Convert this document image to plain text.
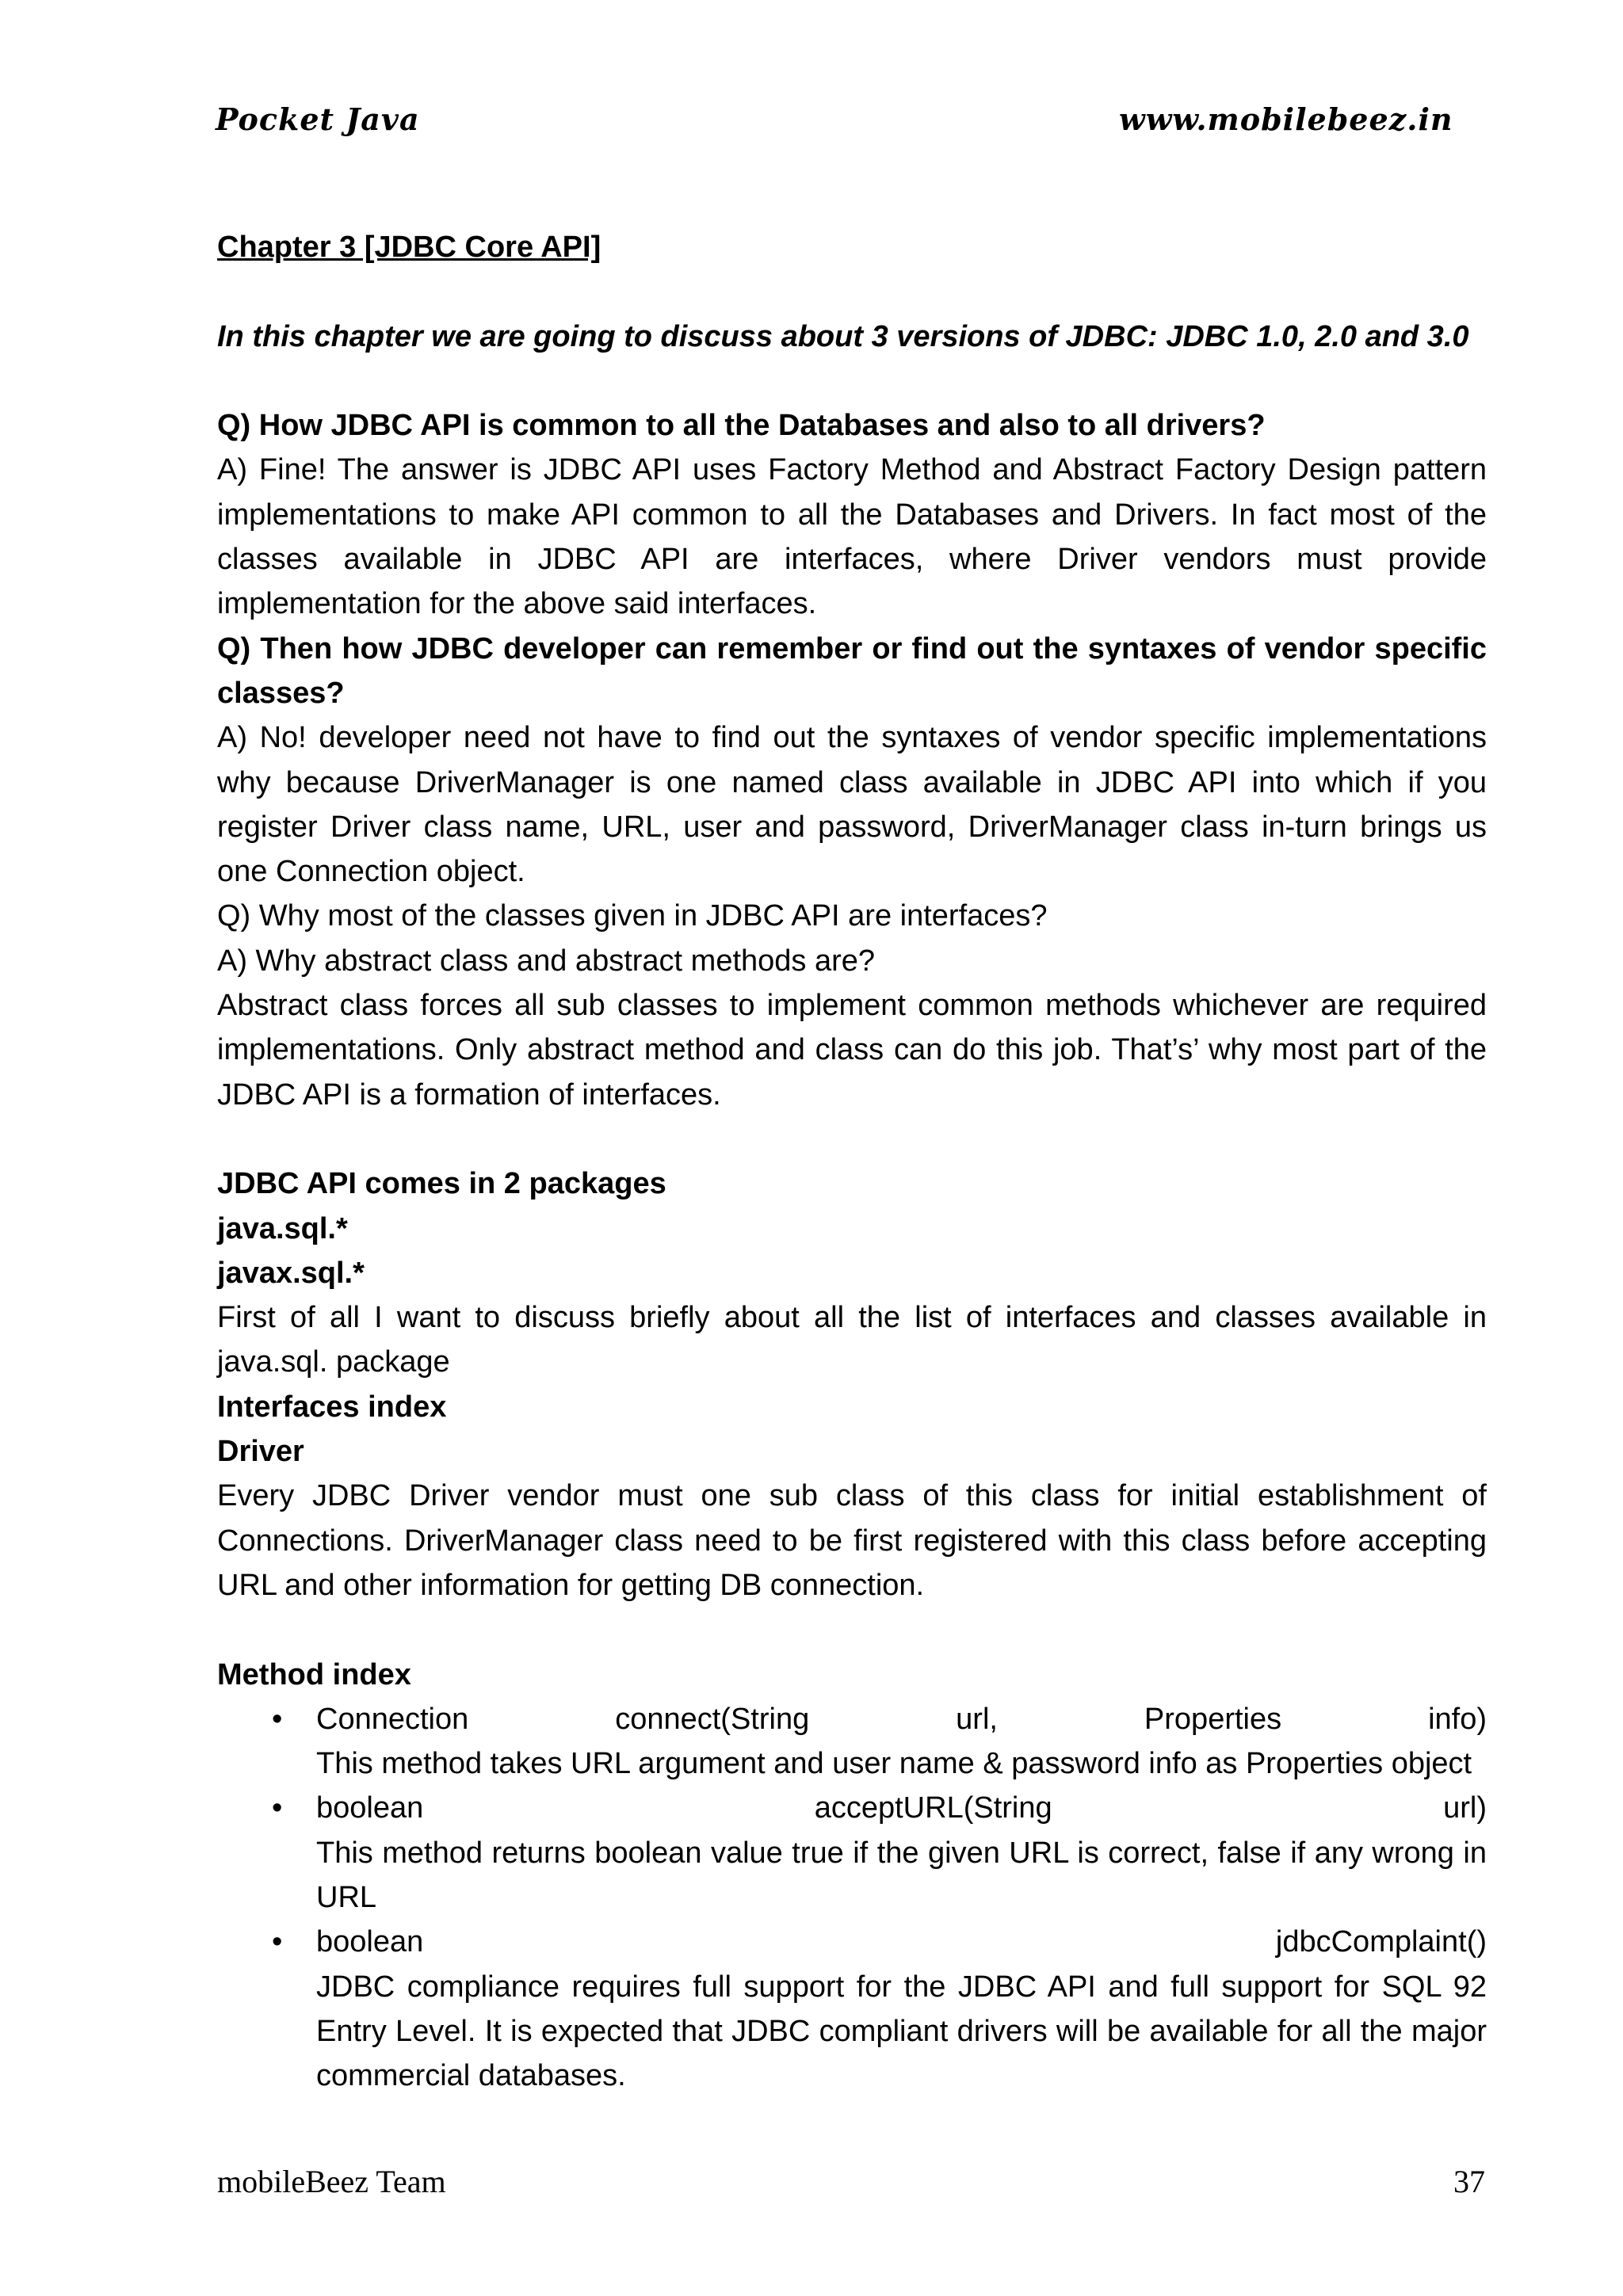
Pocket Java	www.mobilebeez.in

Chapter 3 [JDBC Core API]

In this chapter we are going to discuss about 3 versions of JDBC: JDBC 1.0, 2.0 and 3.0

Q) How JDBC API is common to all the Databases and also to all drivers?

A) Fine! The answer is JDBC API uses Factory Method and Abstract Factory Design pattern implementations to make API common to all the Databases and Drivers. In fact most of the classes available in JDBC API are interfaces, where Driver vendors must provide implementation for the above said interfaces.

Q) Then how JDBC developer can remember or find out the syntaxes of vendor specific classes?

A) No! developer need not have to find out the syntaxes of vendor specific implementations why because DriverManager is one named class available in JDBC API into which if you register Driver class name, URL, user and password, DriverManager class in-turn brings us one Connection object.

Q) Why most of the classes given in JDBC API are interfaces?

A) Why abstract class and abstract methods are?

Abstract class forces all sub classes to implement common methods whichever are required implementations. Only abstract method and class can do this job. That’s’ why most part of the JDBC API is a formation of interfaces.

JDBC API comes in 2 packages

java.sql.*

javax.sql.*

First of all I want to discuss briefly about all the list of interfaces and classes available in java.sql. package

Interfaces index

Driver

Every JDBC Driver vendor must one sub class of this class for initial establishment of Connections. DriverManager class need to be first registered with this class before accepting URL and other information for getting DB connection.

Method index

• Connection	connect(String	url,	Properties	info)

This method takes URL argument and user name & password info as Properties object

• boolean	acceptURL(String	url)

This method returns boolean value true if the given URL is correct, false if any wrong in URL

• boolean	jdbcComplaint()

JDBC compliance requires full support for the JDBC API and full support for SQL 92 Entry Level. It is expected that JDBC compliant drivers will be available for all the major commercial databases.

mobileBeez Team	37
